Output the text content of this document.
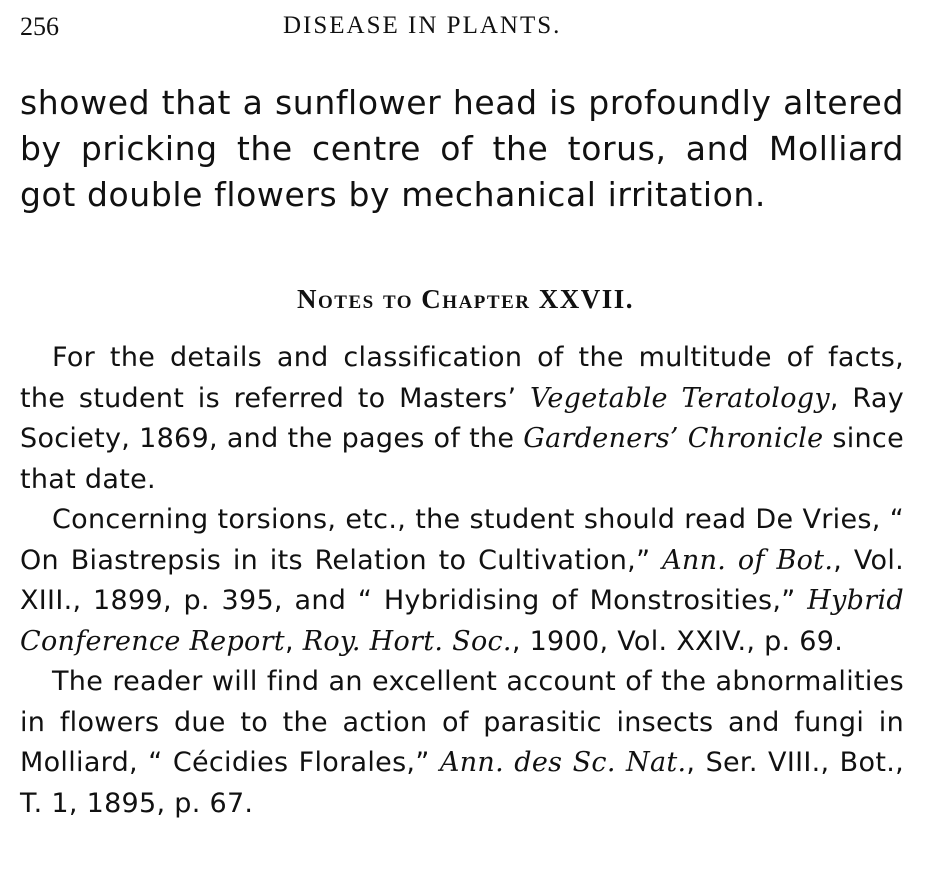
256	DISEASE IN PLANTS.

showed that a sunflower head is profoundly altered by pricking the centre of the torus, and Molliard got double flowers by mechanical irritation.

Notes to Chapter XXVII.

For the details and classification of the multitude of facts, the student is referred to Masters’ Vegetable Teratology, Ray Society, 1869, and the pages of the Gardeners’ Chronicle since that date.

Concerning torsions, etc., the student should read De Vries, “ On Biastrepsis in its Relation to Cultivation,” Ann. of Bot., Vol. XIII., 1899, p. 395, and “ Hybridising of Monstrosities,” Hybrid Conference Report, Roy. Hort. Soc., 1900, Vol. XXIV., p. 69.

The reader will find an excellent account of the abnormalities in flowers due to the action of parasitic insects and fungi in Molliard, “ Cécidies Florales,” Ann. des Sc. Nat., Ser. VIII., Bot., T. 1, 1895, p. 67.
